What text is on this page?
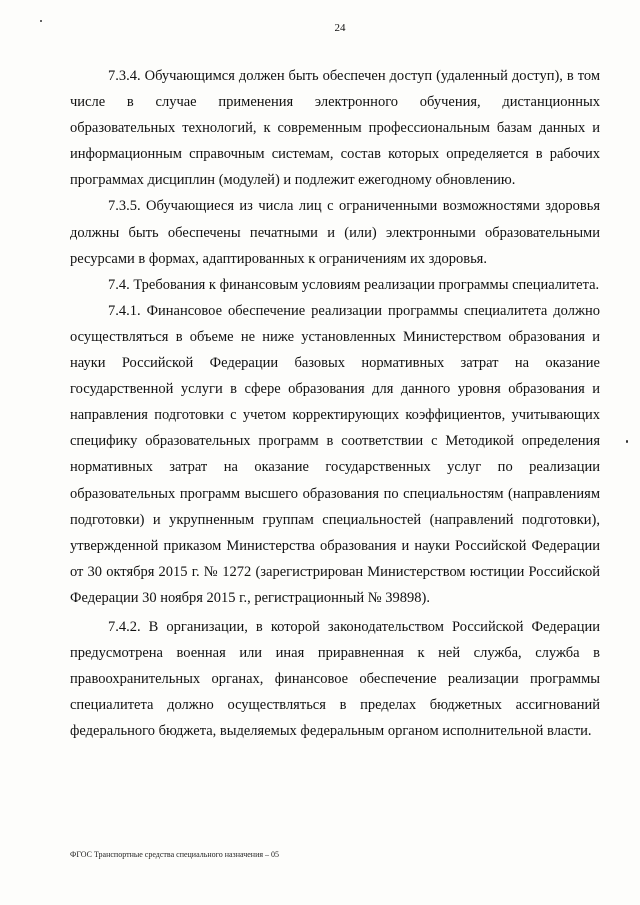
24

7.3.4. Обучающимся должен быть обеспечен доступ (удаленный доступ), в том числе в случае применения электронного обучения, дистанционных образовательных технологий, к современным профессиональным базам данных и информационным справочным системам, состав которых определяется в рабочих программах дисциплин (модулей) и подлежит ежегодному обновлению.

7.3.5. Обучающиеся из числа лиц с ограниченными возможностями здоровья должны быть обеспечены печатными и (или) электронными образовательными ресурсами в формах, адаптированных к ограничениям их здоровья.

7.4. Требования к финансовым условиям реализации программы специалитета.

7.4.1. Финансовое обеспечение реализации программы специалитета должно осуществляться в объеме не ниже установленных Министерством образования и науки Российской Федерации базовых нормативных затрат на оказание государственной услуги в сфере образования для данного уровня образования и направления подготовки с учетом корректирующих коэффициентов, учитывающих специфику образовательных программ в соответствии с Методикой определения нормативных затрат на оказание государственных услуг по реализации образовательных программ высшего образования по специальностям (направлениям подготовки) и укрупненным группам специальностей (направлений подготовки), утвержденной приказом Министерства образования и науки Российской Федерации от 30 октября 2015 г. № 1272 (зарегистрирован Министерством юстиции Российской Федерации 30 ноября 2015 г., регистрационный № 39898).

7.4.2. В организации, в которой законодательством Российской Федерации предусмотрена военная или иная приравненная к ней служба, служба в правоохранительных органах, финансовое обеспечение реализации программы специалитета должно осуществляться в пределах бюджетных ассигнований федерального бюджета, выделяемых федеральным органом исполнительной власти.

ФГОС Транспортные средства специального назначения – 05
